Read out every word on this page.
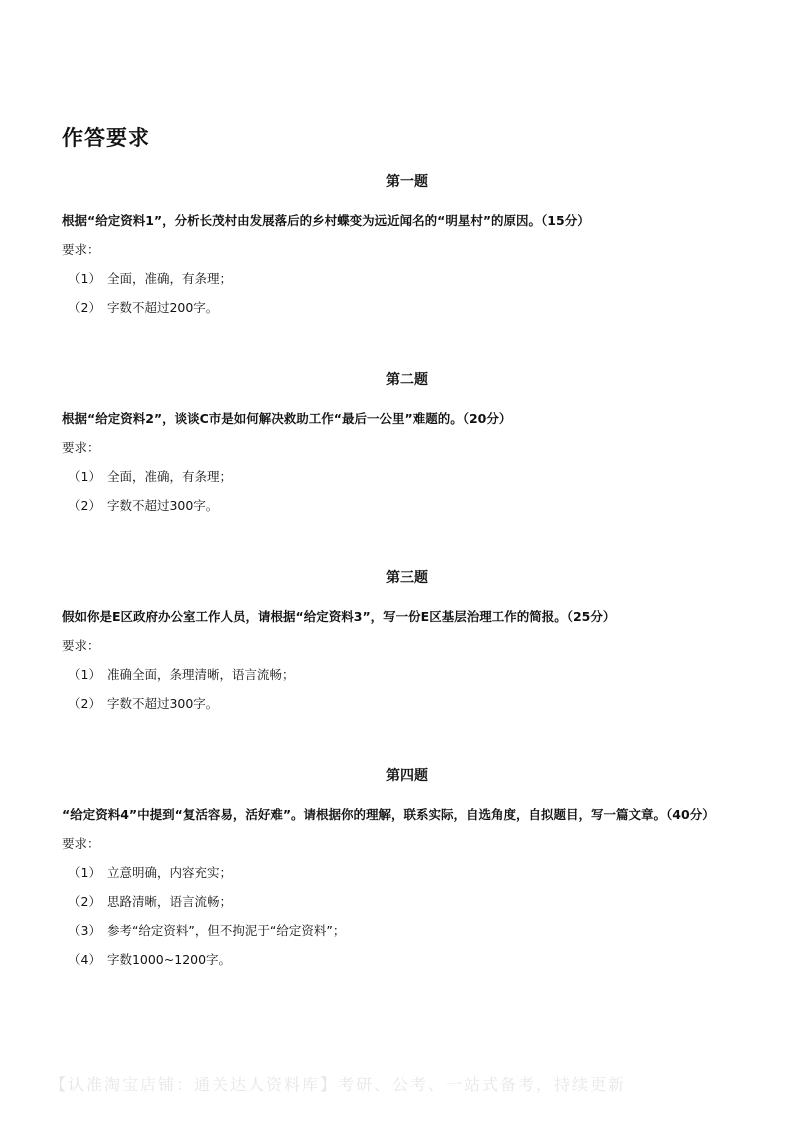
作答要求
第一题
根据“给定资料1”，分析长茂村由发展落后的乡村蝶变为远近闻名的“明星村”的原因。（15分）
要求：
（1） 全面，准确，有条理；
（2） 字数不超过200字。
第二题
根据“给定资料2”，谈谈C市是如何解决救助工作“最后一公里”难题的。（20分）
要求：
（1） 全面，准确，有条理；
（2） 字数不超过300字。
第三题
假如你是E区政府办公室工作人员，请根据“给定资料3”，写一份E区基层治理工作的简报。（25分）
要求：
（1） 准确全面，条理清晰，语言流畅；
（2） 字数不超过300字。
第四题
“给定资料4”中提到“复活容易，活好难”。请根据你的理解，联系实际，自选角度，自拟题目，写一篇文章。（40分）
要求：
（1） 立意明确，内容充实；
（2） 思路清晰，语言流畅；
（3） 参考“给定资料”，但不拘泥于“给定资料”；
（4） 字数1000~1200字。
【认准淘宝店铺：通关达人资料库】考研、公考、一站式备考，持续更新
